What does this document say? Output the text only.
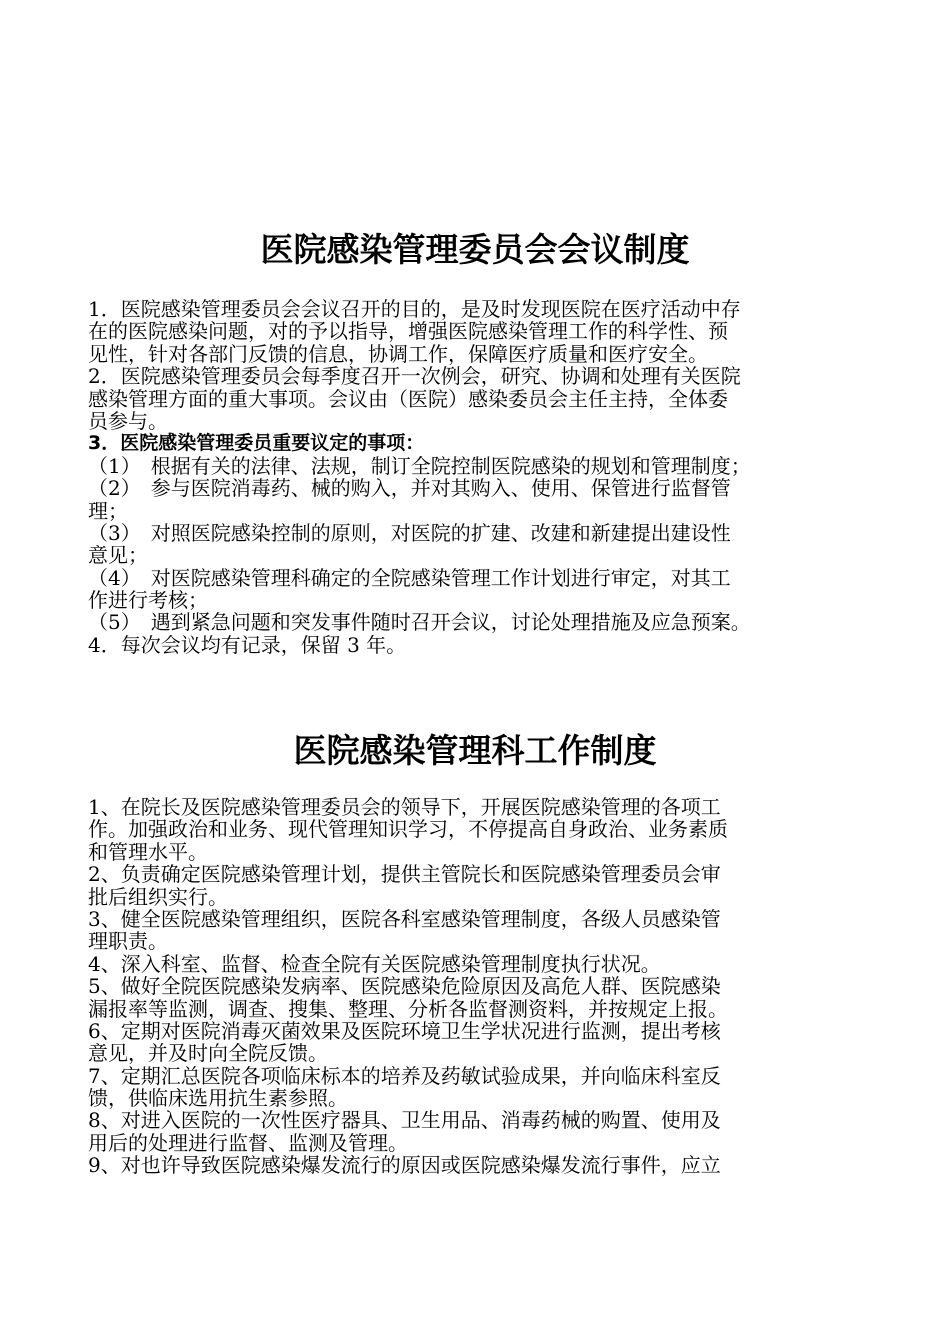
医院感染管理委员会会议制度
1．医院感染管理委员会会议召开的目的，是及时发现医院在医疗活动中存
在的医院感染问题，对的予以指导，增强医院感染管理工作的科学性、预
见性，针对各部门反馈的信息，协调工作，保障医疗质量和医疗安全。
2．医院感染管理委员会每季度召开一次例会，研究、协调和处理有关医院
感染管理方面的重大事项。会议由（医院）感染委员会主任主持，全体委
员参与。
3．医院感染管理委员重要议定的事项：
（1）　根据有关的法律、法规，制订全院控制医院感染的规划和管理制度；
（2）　参与医院消毒药、械的购入，并对其购入、使用、保管进行监督管
理；
（3）　对照医院感染控制的原则，对医院的扩建、改建和新建提出建设性
意见；
（4）　对医院感染管理科确定的全院感染管理工作计划进行审定，对其工
作进行考核；
（5）　遇到紧急问题和突发事件随时召开会议，讨论处理措施及应急预案。
4．每次会议均有记录，保留 3 年。
医院感染管理科工作制度
1、在院长及医院感染管理委员会的领导下，开展医院感染管理的各项工
作。加强政治和业务、现代管理知识学习，不停提高自身政治、业务素质
和管理水平。
2、负责确定医院感染管理计划，提供主管院长和医院感染管理委员会审
批后组织实行。
3、健全医院感染管理组织，医院各科室感染管理制度，各级人员感染管
理职责。
4、深入科室、监督、检查全院有关医院感染管理制度执行状况。
5、做好全院医院感染发病率、医院感染危险原因及高危人群、医院感染
漏报率等监测，调查、搜集、整理、分析各监督测资料，并按规定上报。
6、定期对医院消毒灭菌效果及医院环境卫生学状况进行监测，提出考核
意见，并及时向全院反馈。
7、定期汇总医院各项临床标本的培养及药敏试验成果，并向临床科室反
馈，供临床选用抗生素参照。
8、对进入医院的一次性医疗器具、卫生用品、消毒药械的购置、使用及
用后的处理进行监督、监测及管理。
9、对也许导致医院感染爆发流行的原因或医院感染爆发流行事件，应立
